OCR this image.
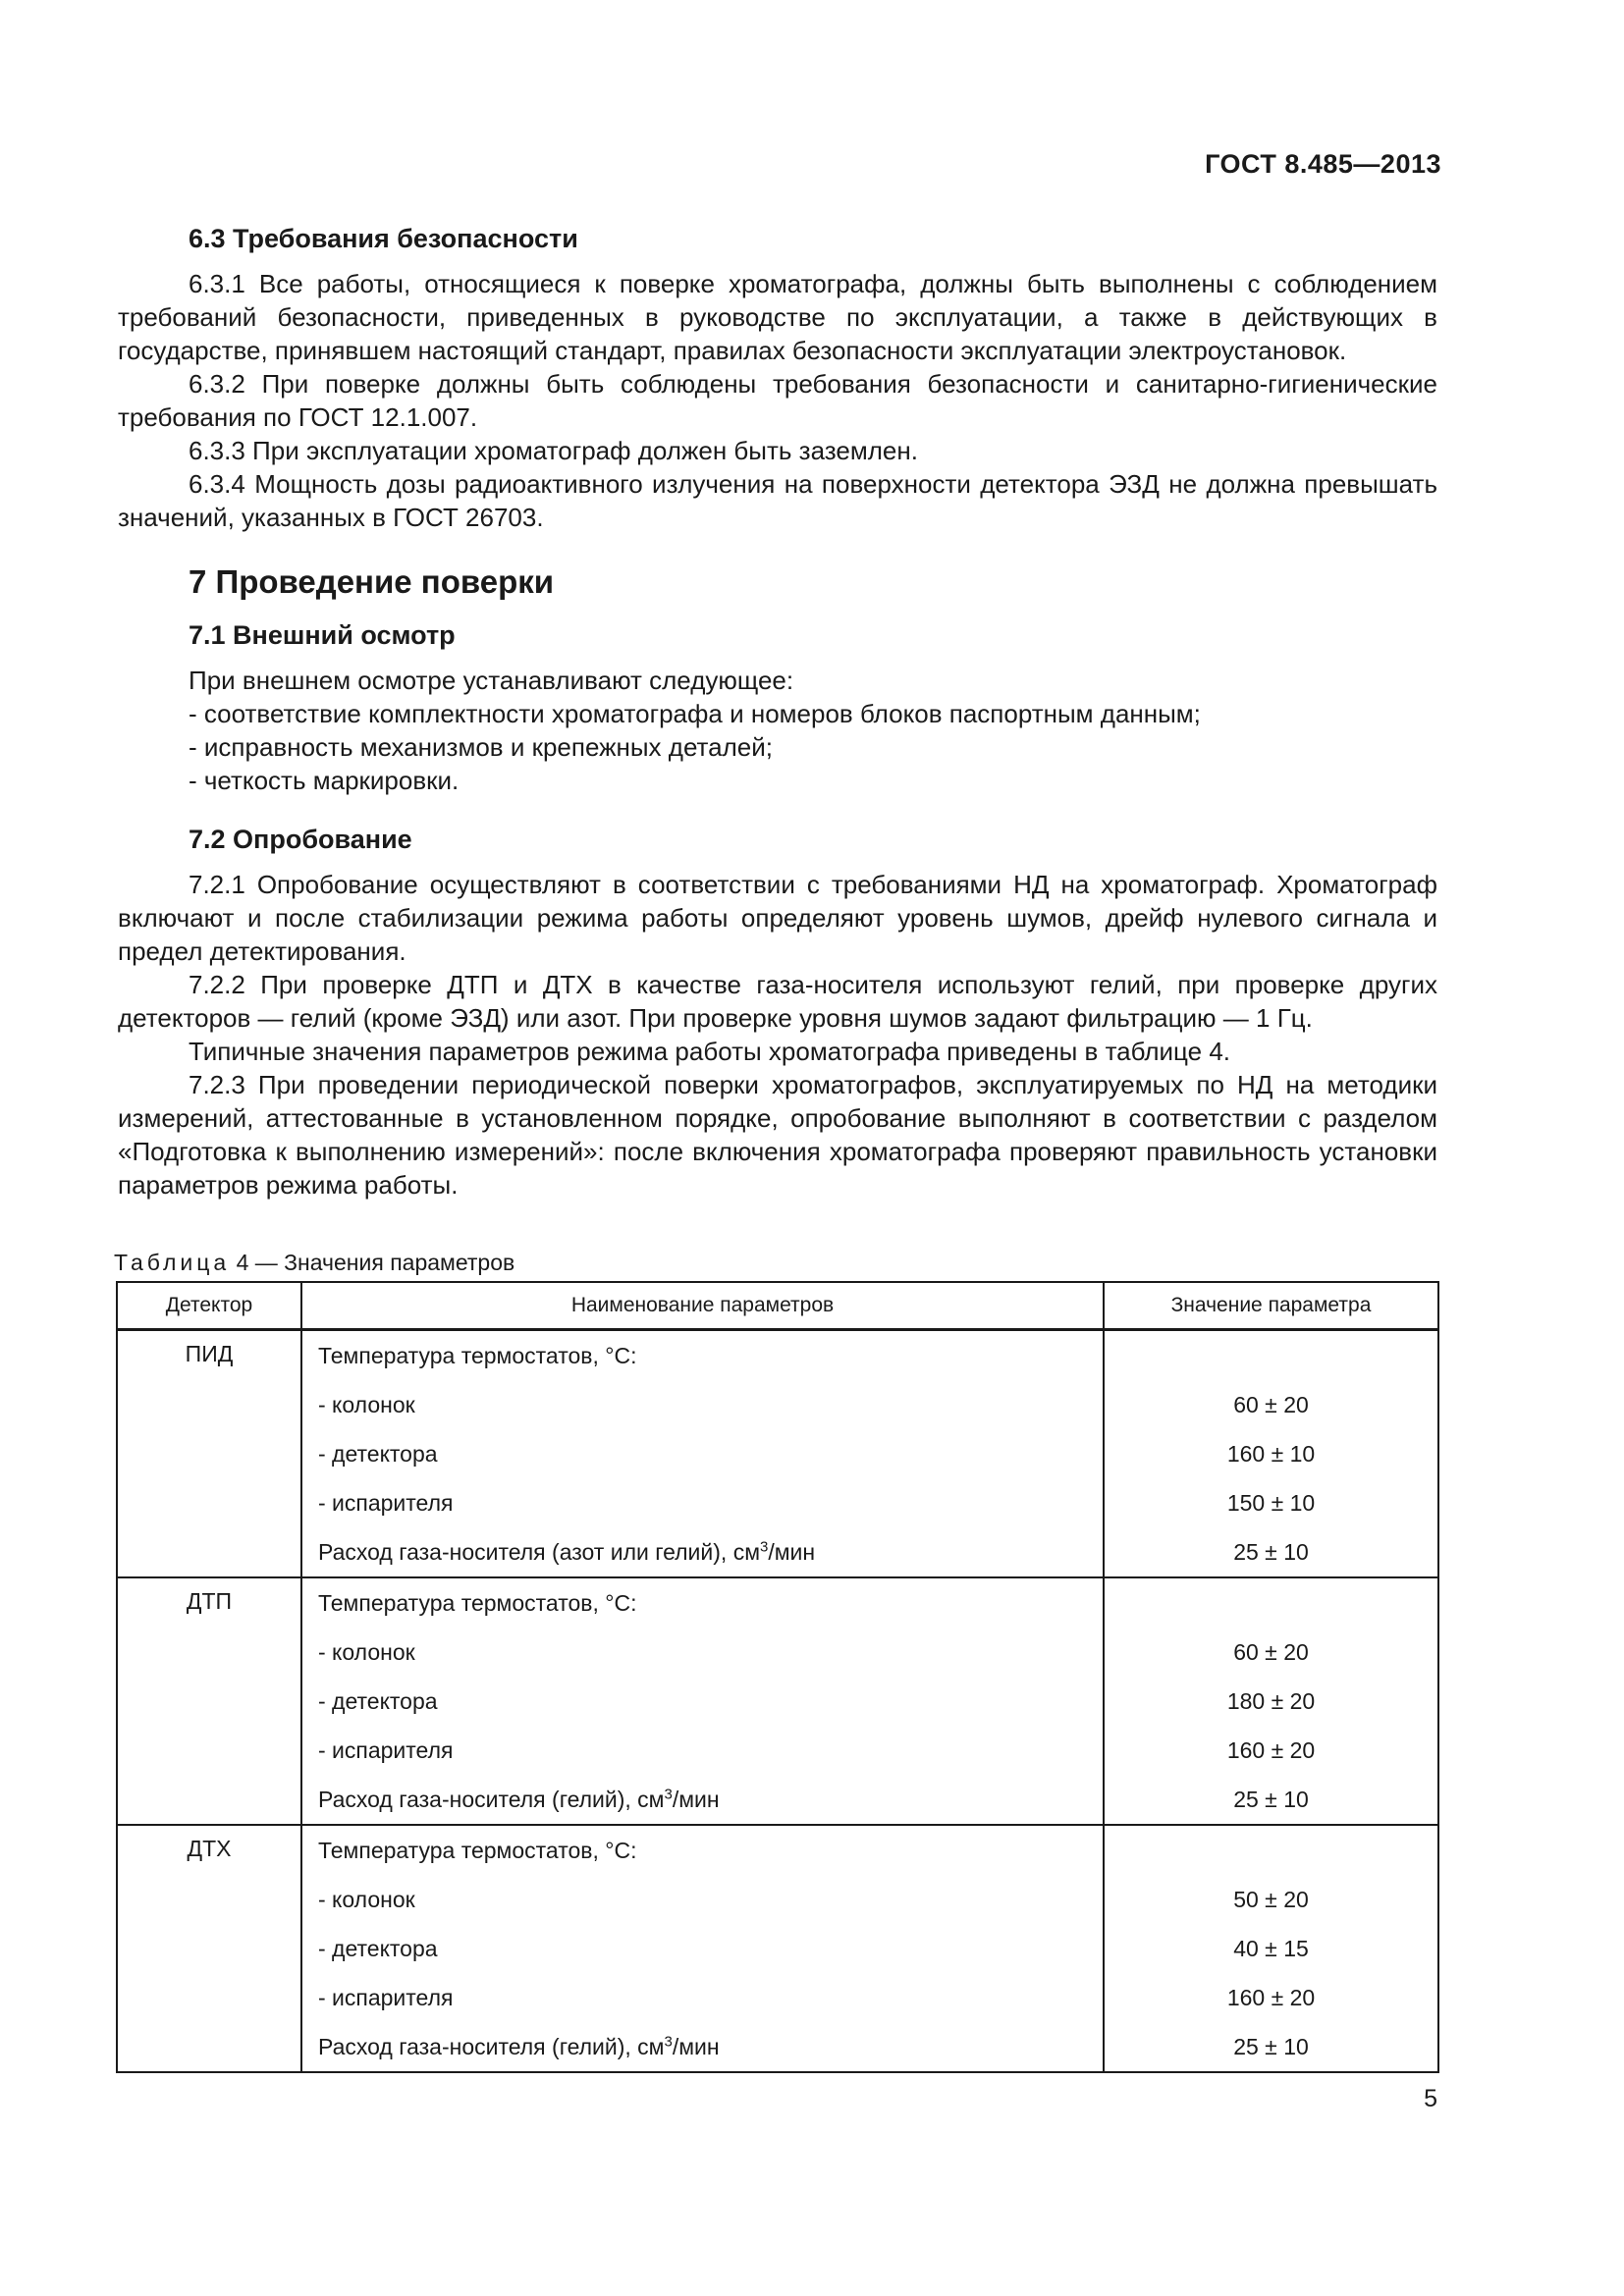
ГОСТ 8.485—2013
6.3 Требования безопасности

6.3.1 Все работы, относящиеся к поверке хроматографа, должны быть выполнены с соблюдением требований безопасности, приведенных в руководстве по эксплуатации, а также в действующих в государстве, принявшем настоящий стандарт, правилах безопасности эксплуатации электроустановок.

6.3.2 При поверке должны быть соблюдены требования безопасности и санитарно-гигиенические требования по ГОСТ 12.1.007.

6.3.3 При эксплуатации хроматограф должен быть заземлен.

6.3.4 Мощность дозы радиоактивного излучения на поверхности детектора ЭЗД не должна превышать значений, указанных в ГОСТ 26703.

7 Проведение поверки
7.1 Внешний осмотр

При внешнем осмотре устанавливают следующее:

- соответствие комплектности хроматографа и номеров блоков паспортным данным;
- исправность механизмов и крепежных деталей;
- четкость маркировки.
7.2 Опробование

7.2.1 Опробование осуществляют в соответствии с требованиями НД на хроматограф. Хроматограф включают и после стабилизации режима работы определяют уровень шумов, дрейф нулевого сигнала и предел детектирования.

7.2.2 При проверке ДТП и ДТХ в качестве газа-носителя используют гелий, при проверке других детекторов — гелий (кроме ЭЗД) или азот. При проверке уровня шумов задают фильтрацию — 1 Гц.

Типичные значения параметров режима работы хроматографа приведены в таблице 4.

7.2.3 При проведении периодической поверки хроматографов, эксплуатируемых по НД на методики измерений, аттестованные в установленном порядке, опробование выполняют в соответствии с разделом «Подготовка к выполнению измерений»: после включения хроматографа проверяют правильность установки параметров режима работы.

Таблица 4 — Значения параметров
Детектор	Наименование параметров	Значение параметра
ПИД	Температура термостатов, °С:	
	- колонок	60 ± 20
	- детектора	160 ± 10
	- испарителя	150 ± 10
	Расход газа-носителя (азот или гелий), $см^3$/мин	25 ± 10
ДТП	Температура термостатов, °С:	
	- колонок	60 ± 20
	- детектора	180 ± 20
	- испарителя	160 ± 20
	Расход газа-носителя (гелий), $см^3$/мин	25 ± 10
ДТХ	Температура термостатов, °С:	
	- колонок	50 ± 20
	- детектора	40 ± 15
	- испарителя	160 ± 20
	Расход газа-носителя (гелий), $см^3$/мин	25 ± 10
5
